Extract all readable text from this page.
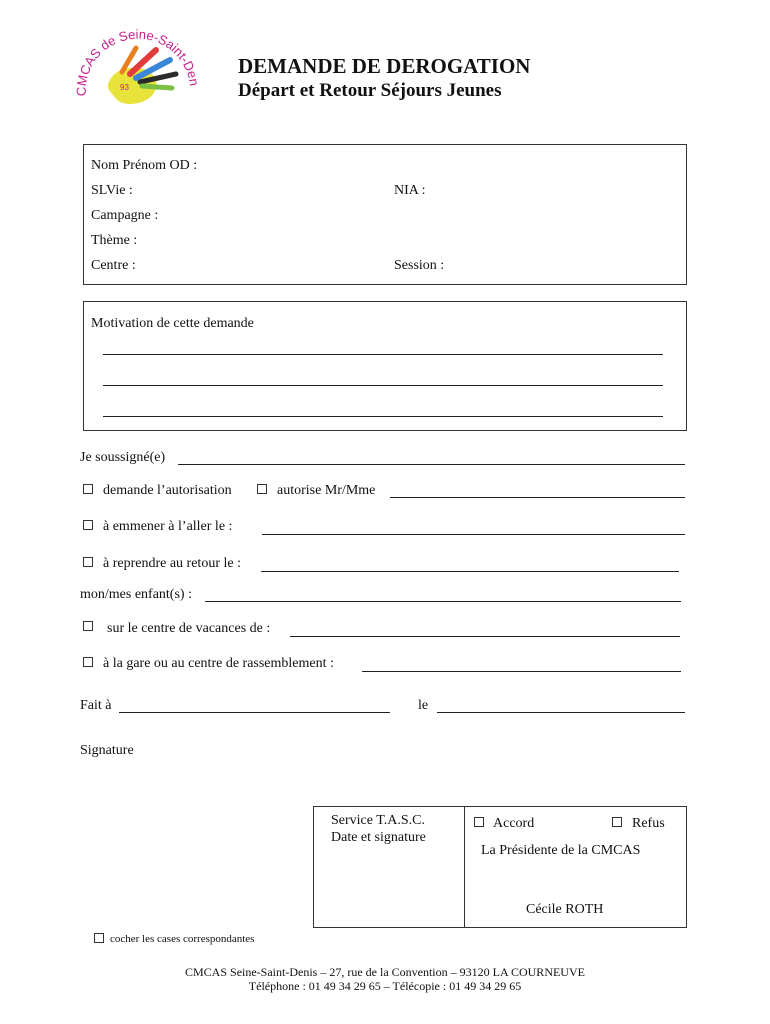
CMCAS de Seine-Saint-D
93
DEMANDE DE DEROGATION
Départ et Retour Séjours Jeunes
Nom Prénom OD :
SLVie :	NIA :
Campagne :
Thème :
Centre :	Session :
Motivation de cette demande
Je soussigné(e)
demande l’autorisation	autorise Mr/Mme
à emmener à l’aller le :
à reprendre au retour le :
mon/mes enfant(s) :
sur le centre de vacances de :
à la gare ou au centre de rassemblement :
Fait à	le
Signature
Service T.A.S.C.
Date et signature
Accord	Refus
La Présidente de la CMCAS
Cécile ROTH
cocher les cases correspondantes
CMCAS Seine-Saint-Denis – 27, rue de la Convention – 93120 LA COURNEUVE
Téléphone : 01 49 34 29 65 – Télécopie : 01 49 34 29 65
